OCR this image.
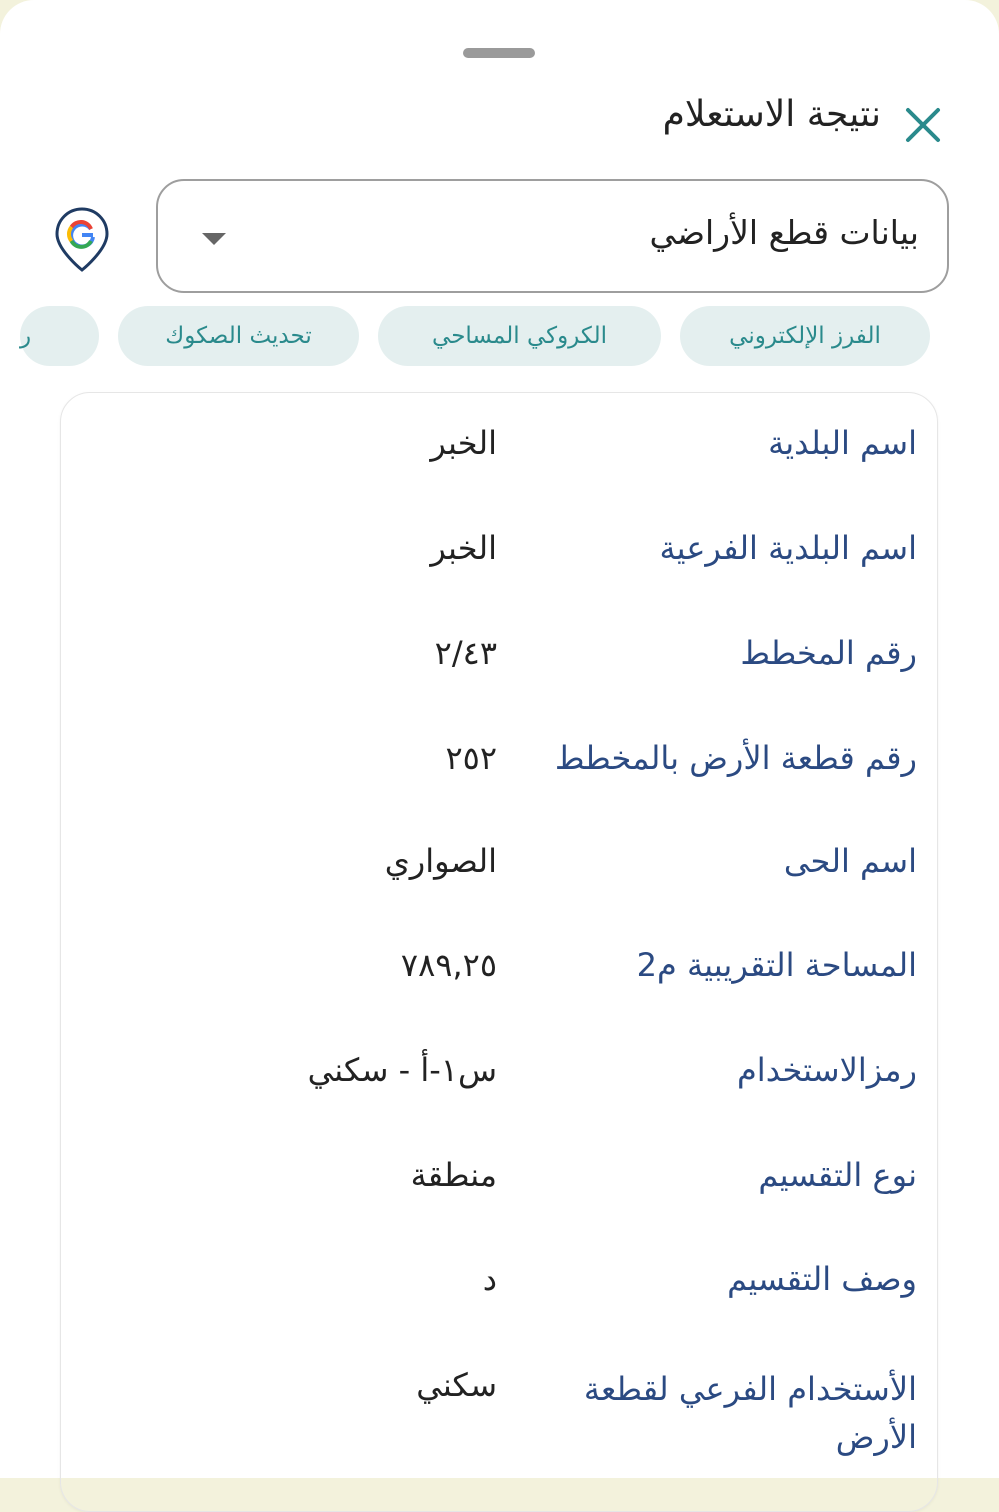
نتيجة الاستعلام
بيانات قطع الأراضي
الفرز الإلكتروني
الكروكي المساحي
تحديث الصكوك
ر
اسم البلدية
الخبر
اسم البلدية الفرعية
الخبر
رقم المخطط
٢/٤٣
رقم قطعة الأرض بالمخطط
٢٥٢
اسم الحى
الصواري
المساحة التقريبية م2
٧٨٩,٢٥
رمزالاستخدام
س١-أ - سكني
نوع التقسيم
منطقة
وصف التقسيم
د
الأستخدام الفرعي لقطعة الأرض
سكني
